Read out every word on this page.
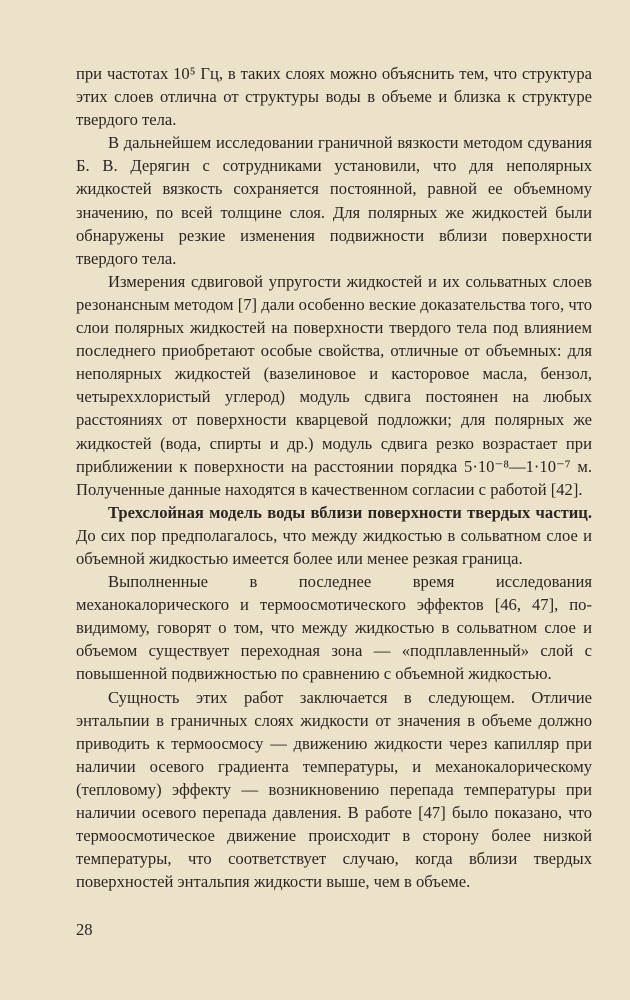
при частотах 10⁵ Гц, в таких слоях можно объяснить тем, что структура этих слоев отлична от структуры воды в объеме и близка к структуре твердого тела.

В дальнейшем исследовании граничной вязкости методом сдувания Б. В. Дерягин с сотрудниками установили, что для неполярных жидкостей вязкость сохраняется постоянной, равной ее объемному значению, по всей толщине слоя. Для полярных же жидкостей были обнаружены резкие изменения подвижности вблизи поверхности твердого тела.

Измерения сдвиговой упругости жидкостей и их сольватных слоев резонансным методом [7] дали особенно веские доказательства того, что слои полярных жидкостей на поверхности твердого тела под влиянием последнего приобретают особые свойства, отличные от объемных: для неполярных жидкостей (вазелиновое и касторовое масла, бензол, четыреххлористый углерод) модуль сдвига постоянен на любых расстояниях от поверхности кварцевой подложки; для полярных же жидкостей (вода, спирты и др.) модуль сдвига резко возрастает при приближении к поверхности на расстоянии порядка 5·10⁻⁸—1·10⁻⁷ м. Полученные данные находятся в качественном согласии с работой [42].

Трехслойная модель воды вблизи поверхности твердых частиц. До сих пор предполагалось, что между жидкостью в сольватном слое и объемной жидкостью имеется более или менее резкая граница.

Выполненные в последнее время исследования механокалорического и термоосмотического эффектов [46, 47], по-видимому, говорят о том, что между жидкостью в сольватном слое и объемом существует переходная зона — «подплавленный» слой с повышенной подвижностью по сравнению с объемной жидкостью.

Сущность этих работ заключается в следующем. Отличие энтальпии в граничных слоях жидкости от значения в объеме должно приводить к термоосмосу — движению жидкости через капилляр при наличии осевого градиента температуры, и механокалорическому (тепловому) эффекту — возникновению перепада температуры при наличии осевого перепада давления. В работе [47] было показано, что термоосмотическое движение происходит в сторону более низкой температуры, что соответствует случаю, когда вблизи твердых поверхностей энтальпия жидкости выше, чем в объеме.

28
